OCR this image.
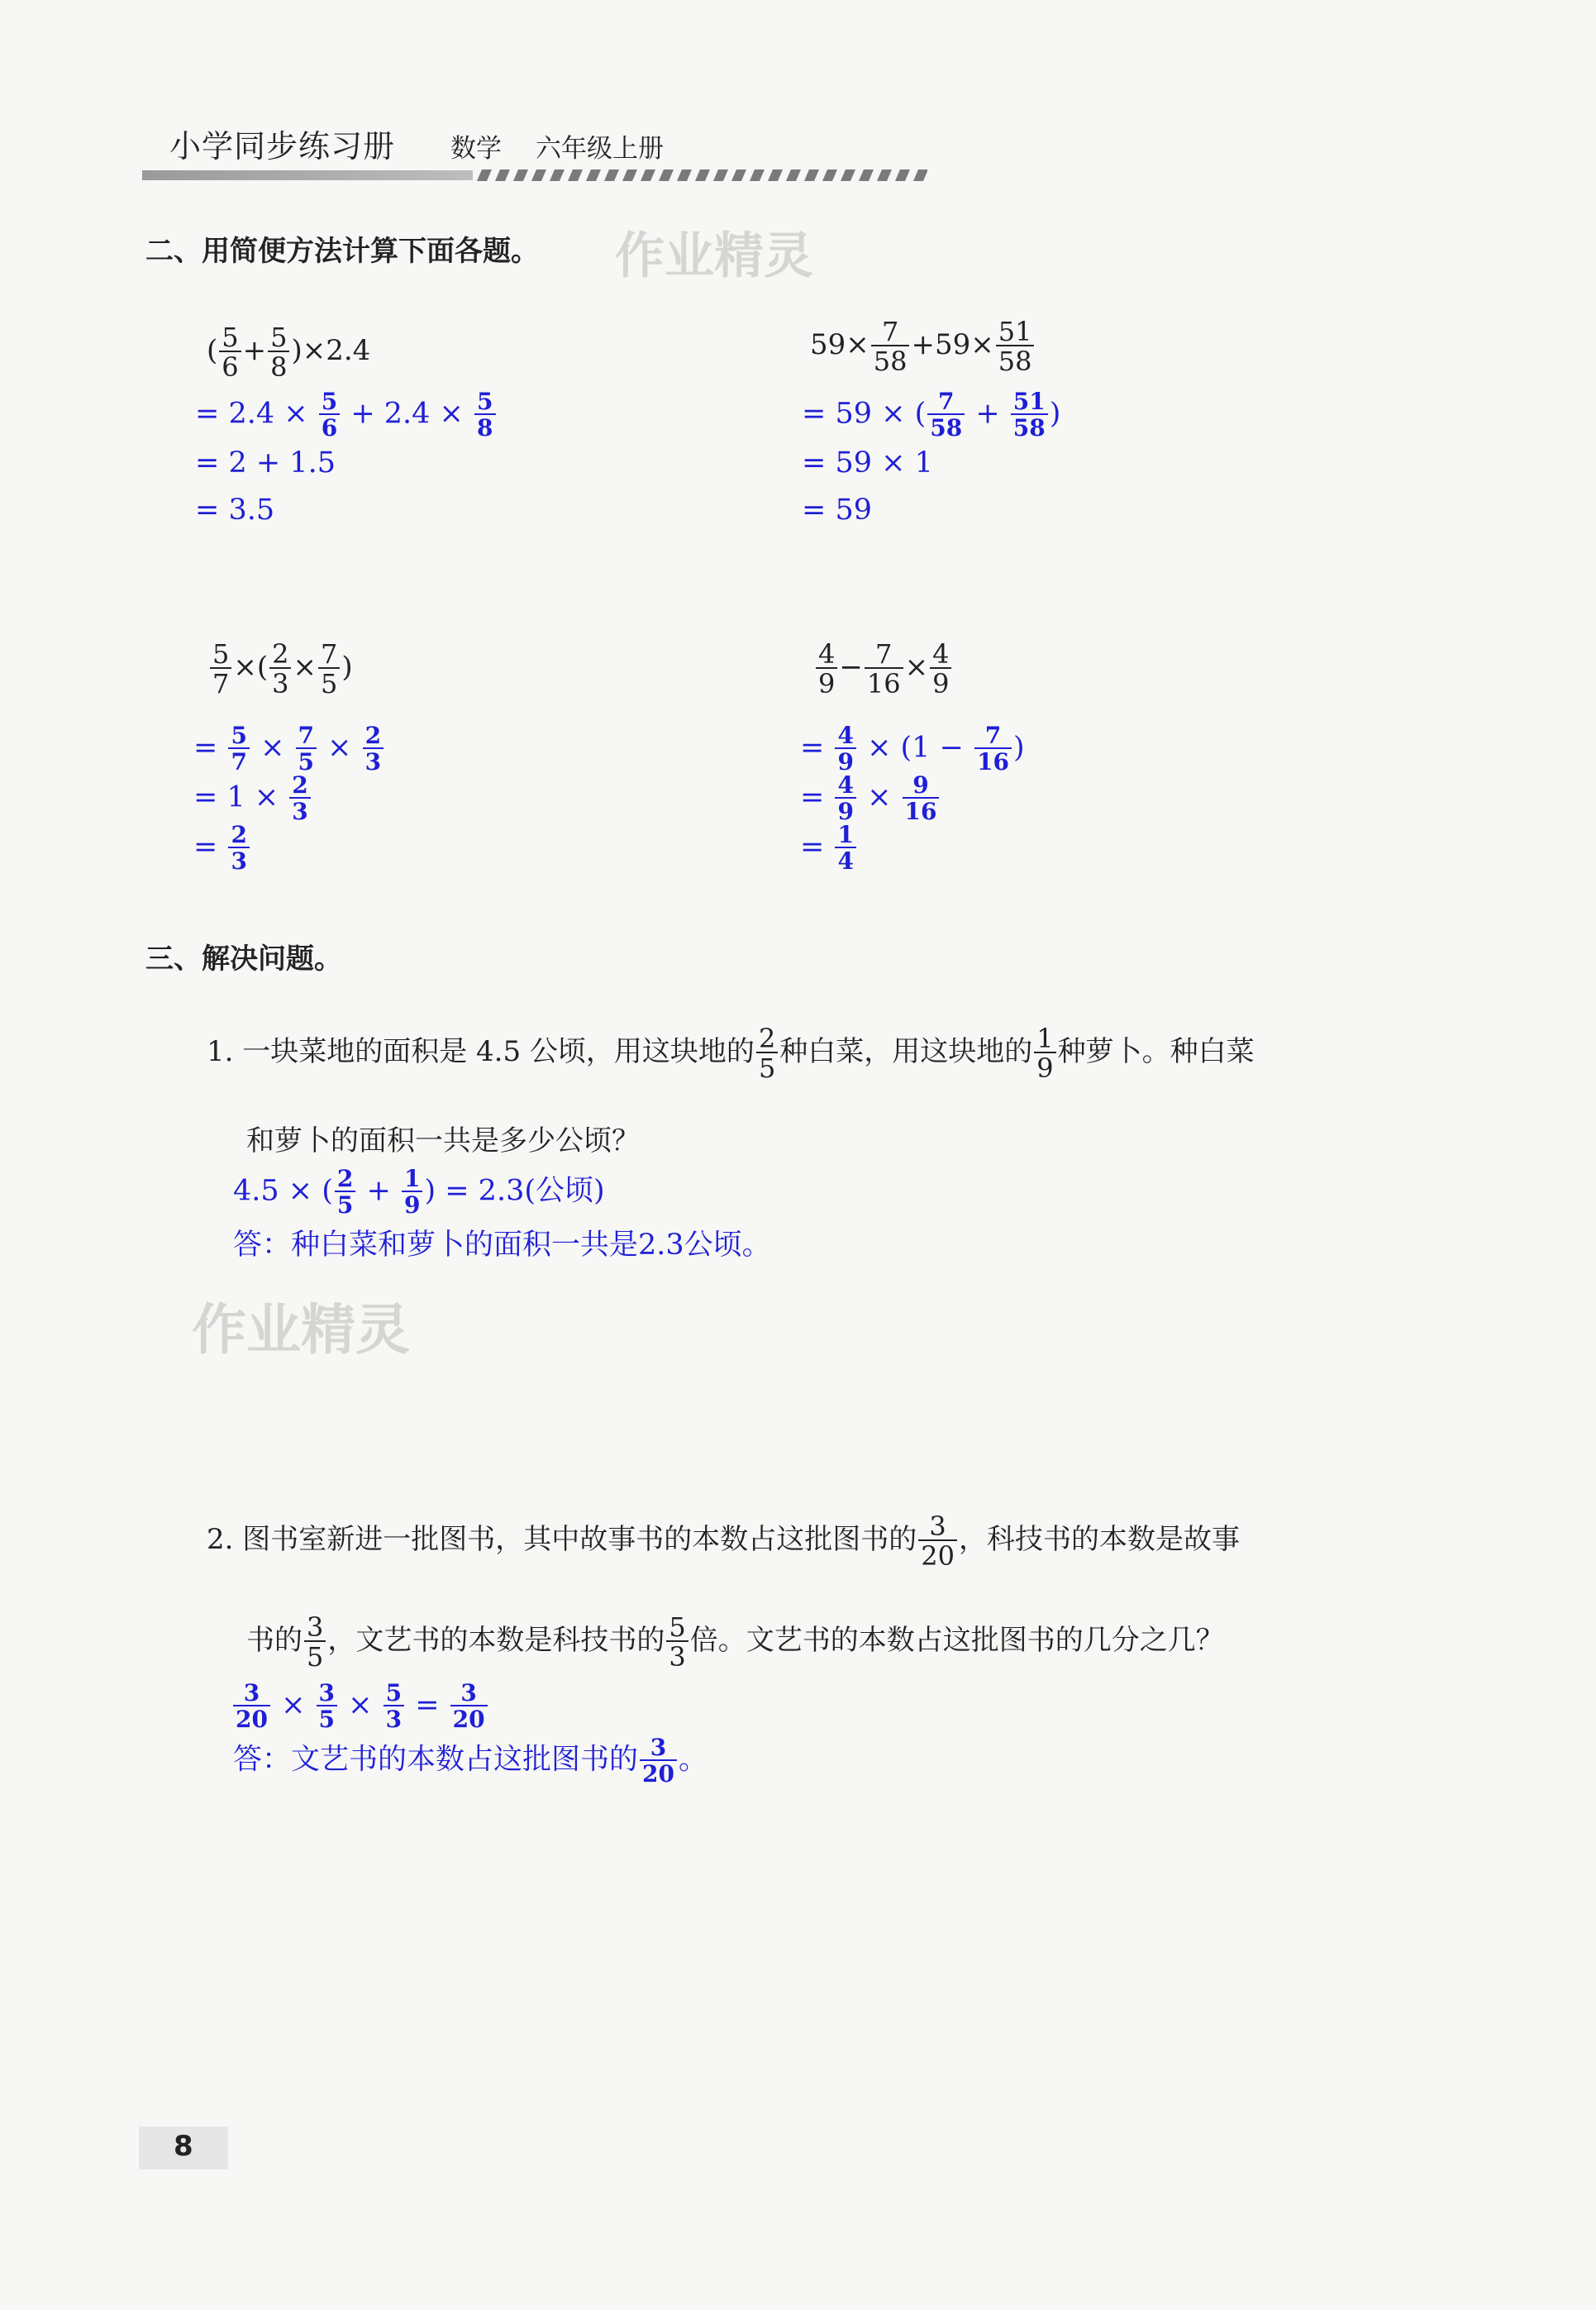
小学同步练习册 数学 六年级上册
二、用简便方法计算下面各题。 作业精灵
( $\frac{5}{6} + \frac{5}{8} )\times 2.4$
= $2.4 \times \frac{5}{6} + 2.4 \times \frac{5}{8}$
= 2 + 1.5
= 3.5
$59\times \frac{7}{58} +59\times \frac{51}{58}$
= 59 × ( $\frac{7}{58} + \frac{51}{58}$ )
= 59 × 1
= 59
$\frac{5}{7}$ ×( $\frac{2}{3} \times \frac{7}{5}$ )
= $\frac{5}{7} \times \frac{7}{5} \times \frac{2}{3}$
= $1 \times \frac{2}{3}$
= $\frac{2}{3}$
$\frac{4}{9} - \frac{7}{16} \times \frac{4}{9}$
= $\frac{4}{9} \times (1 - \frac{7}{16}$ )
= $\frac{4}{9} \times \frac{9}{16}$
= $\frac{1}{4}$
三、解决问题。
1. 一块菜地的面积是 4.5 公顷，用这块地的 $\frac{2}{5}$ 种白菜，用这块地的 $\frac{1}{9}$ 种萝卜。种白菜
和萝卜的面积一共是多少公顷？
4.5 × ( $\frac{2}{5} + \frac{1}{9}$ ) = 2.3(公顷)
答：种白菜和萝卜的面积一共是2.3公顷。
作业精灵
2. 图书室新进一批图书，其中故事书的本数占这批图书的 $\frac{3}{20}$ ，科技书的本数是故事
书的 $\frac{3}{5}$ ，文艺书的本数是科技书的 $\frac{5}{3}$ 倍。文艺书的本数占这批图书的几分之几？
$\frac{3}{20} \times \frac{3}{5} \times \frac{5}{3} = \frac{3}{20}$
答：文艺书的本数占这批图书的 $\frac{3}{20}$ 。
8
